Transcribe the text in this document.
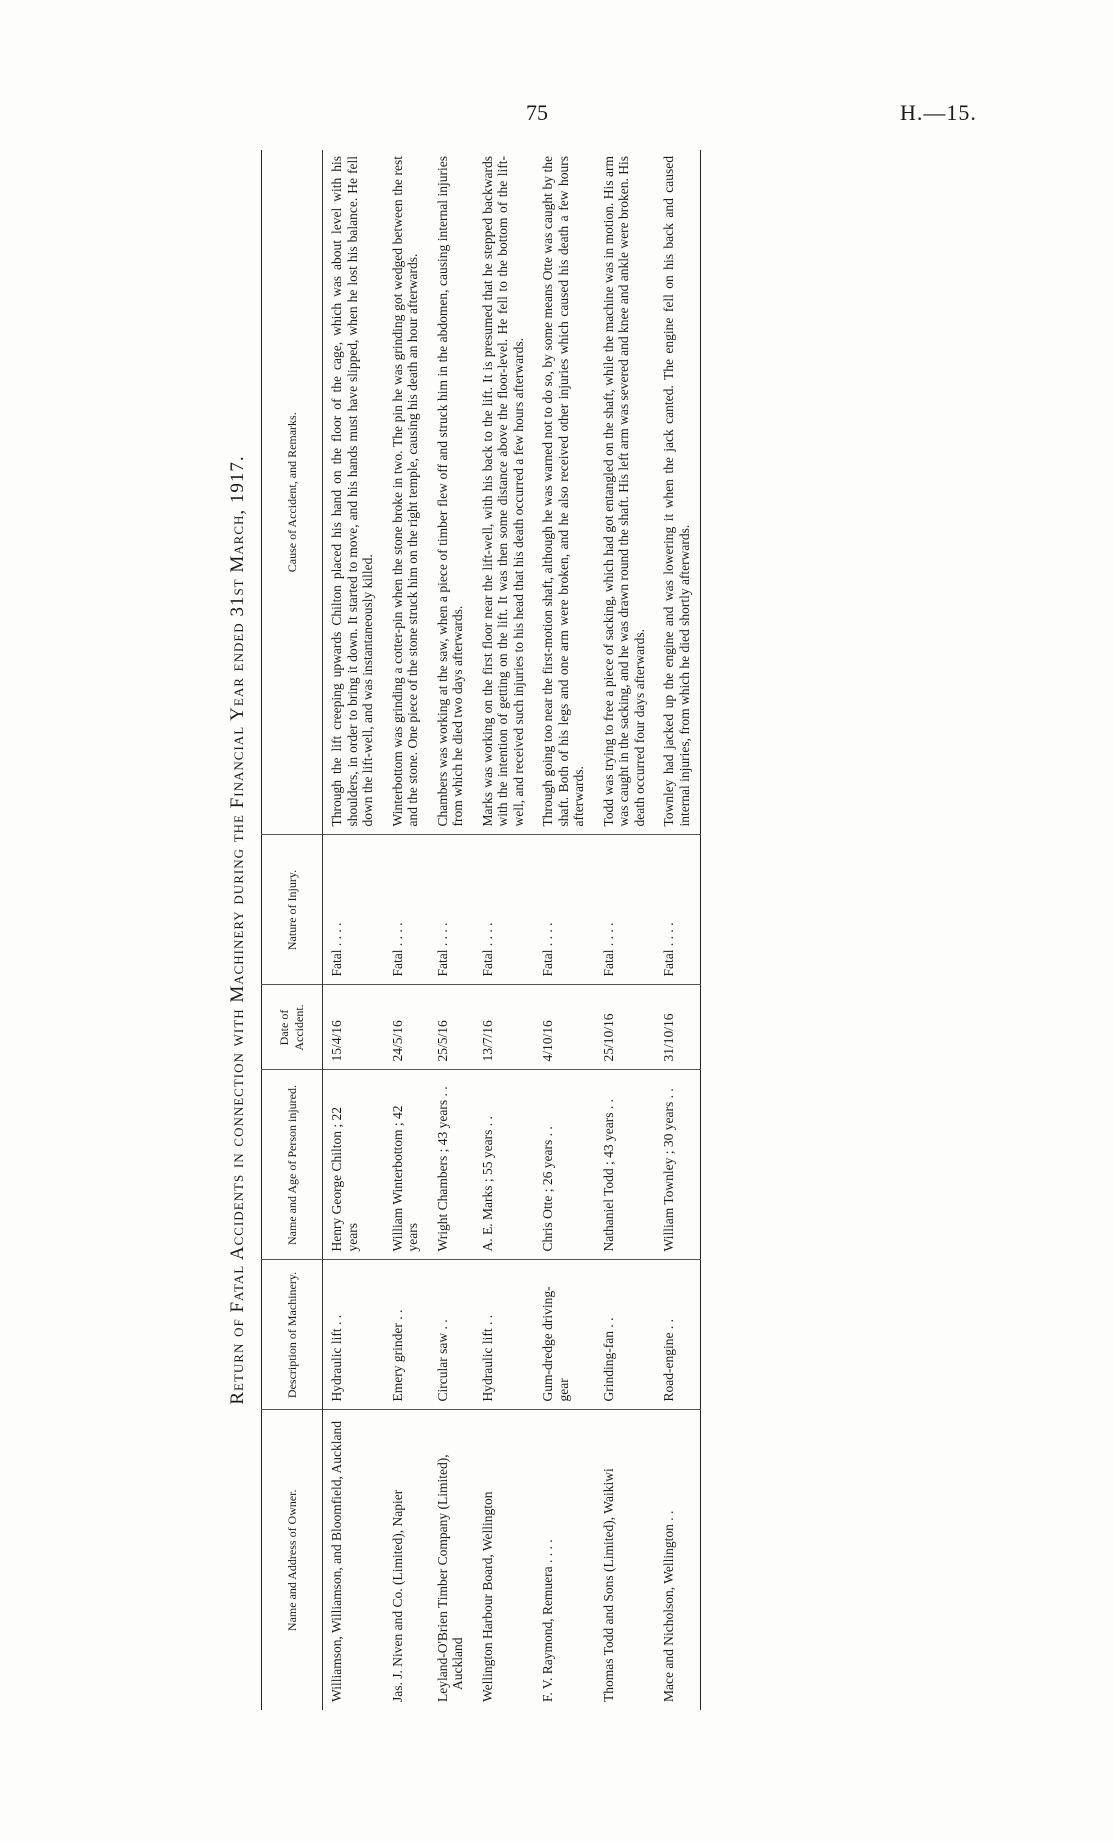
75	H.—15.
Return of Fatal Accidents in connection with Machinery during the Financial Year ended 31st March, 1917.
Name and Address of Owner.	Description of Machinery.	Name and Age of Person injured.	Date of Accident.	Nature of Injury.	Cause of Accident, and Remarks.
Williamson, Williamson, and Bloomfield, Auckland	Hydraulic lift . .	Henry George Chilton ; 22 years	15/4/16	Fatal . . . .	Through the lift creeping upwards Chilton placed his hand on the floor of the cage, which was about level with his shoulders, in order to bring it down. It started to move, and his hands must have slipped, when he lost his balance. He fell down the lift-well, and was instantaneously killed.
Jas. J. Niven and Co. (Limited), Napier	Emery grinder . .	William Winterbottom ; 42 years	24/5/16	Fatal . . . .	Winterbottom was grinding a cotter-pin when the stone broke in two. The pin he was grinding got wedged between the rest and the stone. One piece of the stone struck him on the right temple, causing his death an hour afterwards.
Leyland-O'Brien Timber Company (Limited), Auckland	Circular saw . .	Wright Chambers ; 43 years . .	25/5/16	Fatal . . . .	Chambers was working at the saw, when a piece of timber flew off and struck him in the abdomen, causing internal injuries from which he died two days afterwards.
Wellington Harbour Board, Wellington	Hydraulic lift . .	A. E. Marks ; 55 years . .	13/7/16	Fatal . . . .	Marks was working on the first floor near the lift-well, with his back to the lift. It is presumed that he stepped backwards with the intention of getting on the lift. It was then some distance above the floor-level. He fell to the bottom of the lift-well, and received such injuries to his head that his death occurred a few hours afterwards.
F. V. Raymond, Remuera . . . .	Gum-dredge driving-gear	Chris Otte ; 26 years . .	4/10/16	Fatal . . . .	Through going too near the first-motion shaft, although he was warned not to do so, by some means Otte was caught by the shaft. Both of his legs and one arm were broken, and he also received other injuries which caused his death a few hours afterwards.
Thomas Todd and Sons (Limited), Waikiwi	Grinding-fan . .	Nathaniel Todd ; 43 years . .	25/10/16	Fatal . . . .	Todd was trying to free a piece of sacking, which had got entangled on the shaft, while the machine was in motion. His arm was caught in the sacking, and he was drawn round the shaft. His left arm was severed and knee and ankle were broken. His death occurred four days afterwards.
Mace and Nicholson, Wellington . .	Road-engine . .	William Townley ; 30 years . .	31/10/16	Fatal . . . .	Townley had jacked up the engine and was lowering it when the jack canted. The engine fell on his back and caused internal injuries, from which he died shortly afterwards.
